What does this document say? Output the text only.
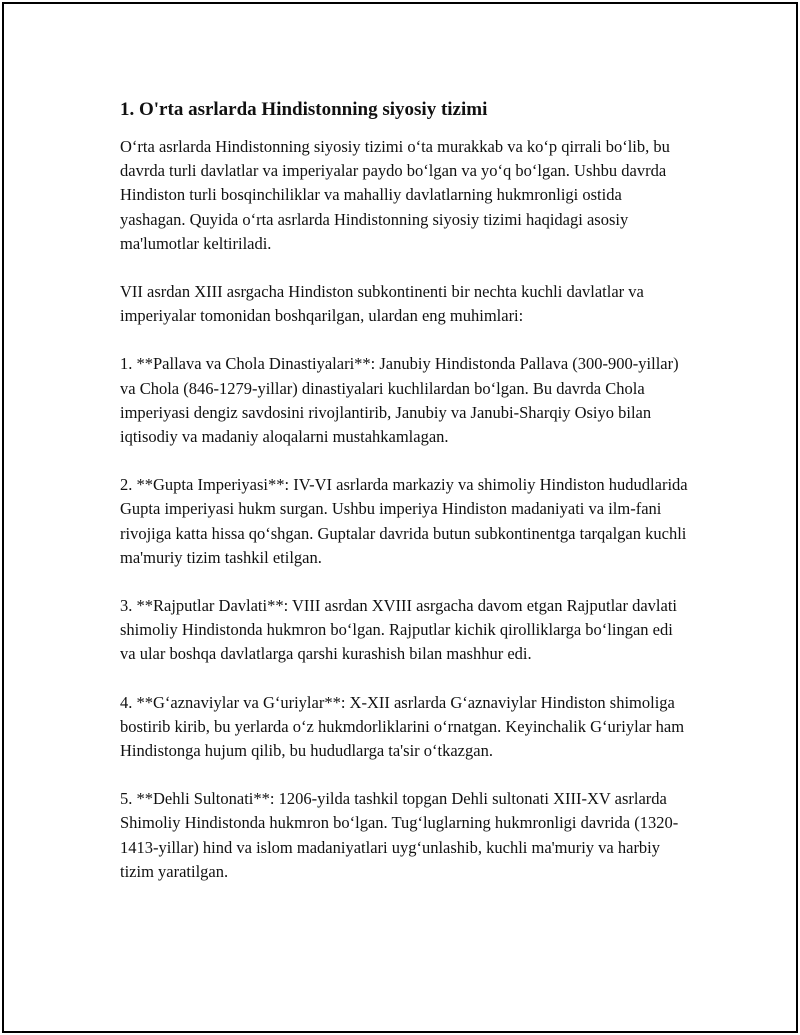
1. O'rta asrlarda Hindistonning siyosiy tizimi

O‘rta asrlarda Hindistonning siyosiy tizimi o‘ta murakkab va ko‘p qirrali bo‘lib, bu davrda turli davlatlar va imperiyalar paydo bo‘lgan va yo‘q bo‘lgan. Ushbu davrda Hindiston turli bosqinchiliklar va mahalliy davlatlarning hukmronligi ostida yashagan. Quyida o‘rta asrlarda Hindistonning siyosiy tizimi haqidagi asosiy ma'lumotlar keltiriladi.

VII asrdan XIII asrgacha Hindiston subkontinenti bir nechta kuchli davlatlar va imperiyalar tomonidan boshqarilgan, ulardan eng muhimlari:

1. **Pallava va Chola Dinastiyalari**: Janubiy Hindistonda Pallava (300-900-yillar) va Chola (846-1279-yillar) dinastiyalari kuchlilardan bo‘lgan. Bu davrda Chola imperiyasi dengiz savdosini rivojlantirib, Janubiy va Janubi-Sharqiy Osiyo bilan iqtisodiy va madaniy aloqalarni mustahkamlagan.

2. **Gupta Imperiyasi**: IV-VI asrlarda markaziy va shimoliy Hindiston hududlarida Gupta imperiyasi hukm surgan. Ushbu imperiya Hindiston madaniyati va ilm-fani rivojiga katta hissa qo‘shgan. Guptalar davrida butun subkontinentga tarqalgan kuchli ma'muriy tizim tashkil etilgan.

3. **Rajputlar Davlati**: VIII asrdan XVIII asrgacha davom etgan Rajputlar davlati shimoliy Hindistonda hukmron bo‘lgan. Rajputlar kichik qirolliklarga bo‘lingan edi va ular boshqa davlatlarga qarshi kurashish bilan mashhur edi.

4. **G‘aznaviylar va G‘uriylar**: X-XII asrlarda G‘aznaviylar Hindiston shimoliga bostirib kirib, bu yerlarda o‘z hukmdorliklarini o‘rnatgan. Keyinchalik G‘uriylar ham Hindistonga hujum qilib, bu hududlarga ta'sir o‘tkazgan.

5. **Dehli Sultonati**: 1206-yilda tashkil topgan Dehli sultonati XIII-XV asrlarda Shimoliy Hindistonda hukmron bo‘lgan. Tug‘luglarning hukmronligi davrida (1320-1413-yillar) hind va islom madaniyatlari uyg‘unlashib, kuchli ma'muriy va harbiy tizim yaratilgan.
